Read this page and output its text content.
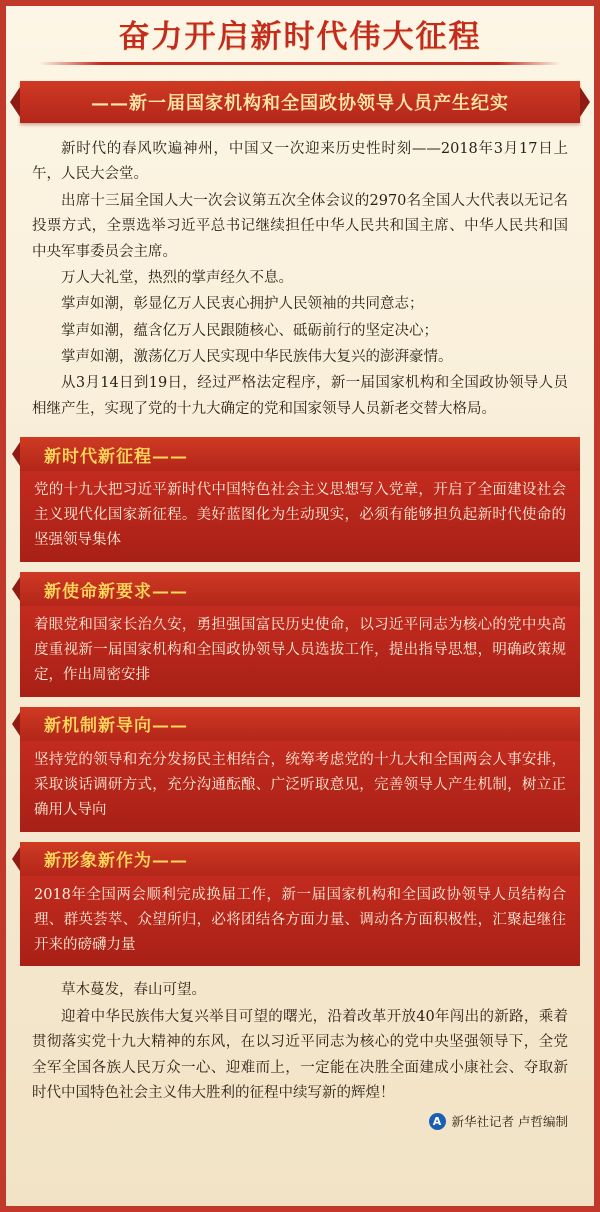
奋力开启新时代伟大征程
——新一届国家机构和全国政协领导人员产生纪实

新时代的春风吹遍神州，中国又一次迎来历史性时刻——2018年3月17日上午，人民大会堂。

出席十三届全国人大一次会议第五次全体会议的2970名全国人大代表以无记名投票方式，全票选举习近平总书记继续担任中华人民共和国主席、中华人民共和国中央军事委员会主席。

万人大礼堂，热烈的掌声经久不息。

掌声如潮，彰显亿万人民衷心拥护人民领袖的共同意志；

掌声如潮，蕴含亿万人民跟随核心、砥砺前行的坚定决心；

掌声如潮，激荡亿万人民实现中华民族伟大复兴的澎湃豪情。

从3月14日到19日，经过严格法定程序，新一届国家机构和全国政协领导人员相继产生，实现了党的十九大确定的党和国家领导人员新老交替大格局。

新时代 新征程——
党的十九大把习近平新时代中国特色社会主义思想写入党章，开启了全面建设社会主义现代化国家新征程。美好蓝图化为生动现实，必须有能够担负起新时代使命的坚强领导集体
新使命 新要求——
着眼党和国家长治久安，勇担强国富民历史使命，以习近平同志为核心的党中央高度重视新一届国家机构和全国政协领导人员选拔工作，提出指导思想，明确政策规定，作出周密安排
新机制 新导向——
坚持党的领导和充分发扬民主相结合，统筹考虑党的十九大和全国两会人事安排，采取谈话调研方式，充分沟通酝酿、广泛听取意见，完善领导人产生机制，树立正确用人导向
新形象 新作为——
2018年全国两会顺利完成换届工作，新一届国家机构和全国政协领导人员结构合理、群英荟萃、众望所归，必将团结各方面力量、调动各方面积极性，汇聚起继往开来的磅礴力量

草木蔓发，春山可望。

迎着中华民族伟大复兴举目可望的曙光，沿着改革开放40年闯出的新路，乘着贯彻落实党十九大精神的东风，在以习近平同志为核心的党中央坚强领导下，全党全军全国各族人民万众一心、迎难而上，一定能在决胜全面建成小康社会、夺取新时代中国特色社会主义伟大胜利的征程中续写新的辉煌！

A 新华社记者 卢哲编制
